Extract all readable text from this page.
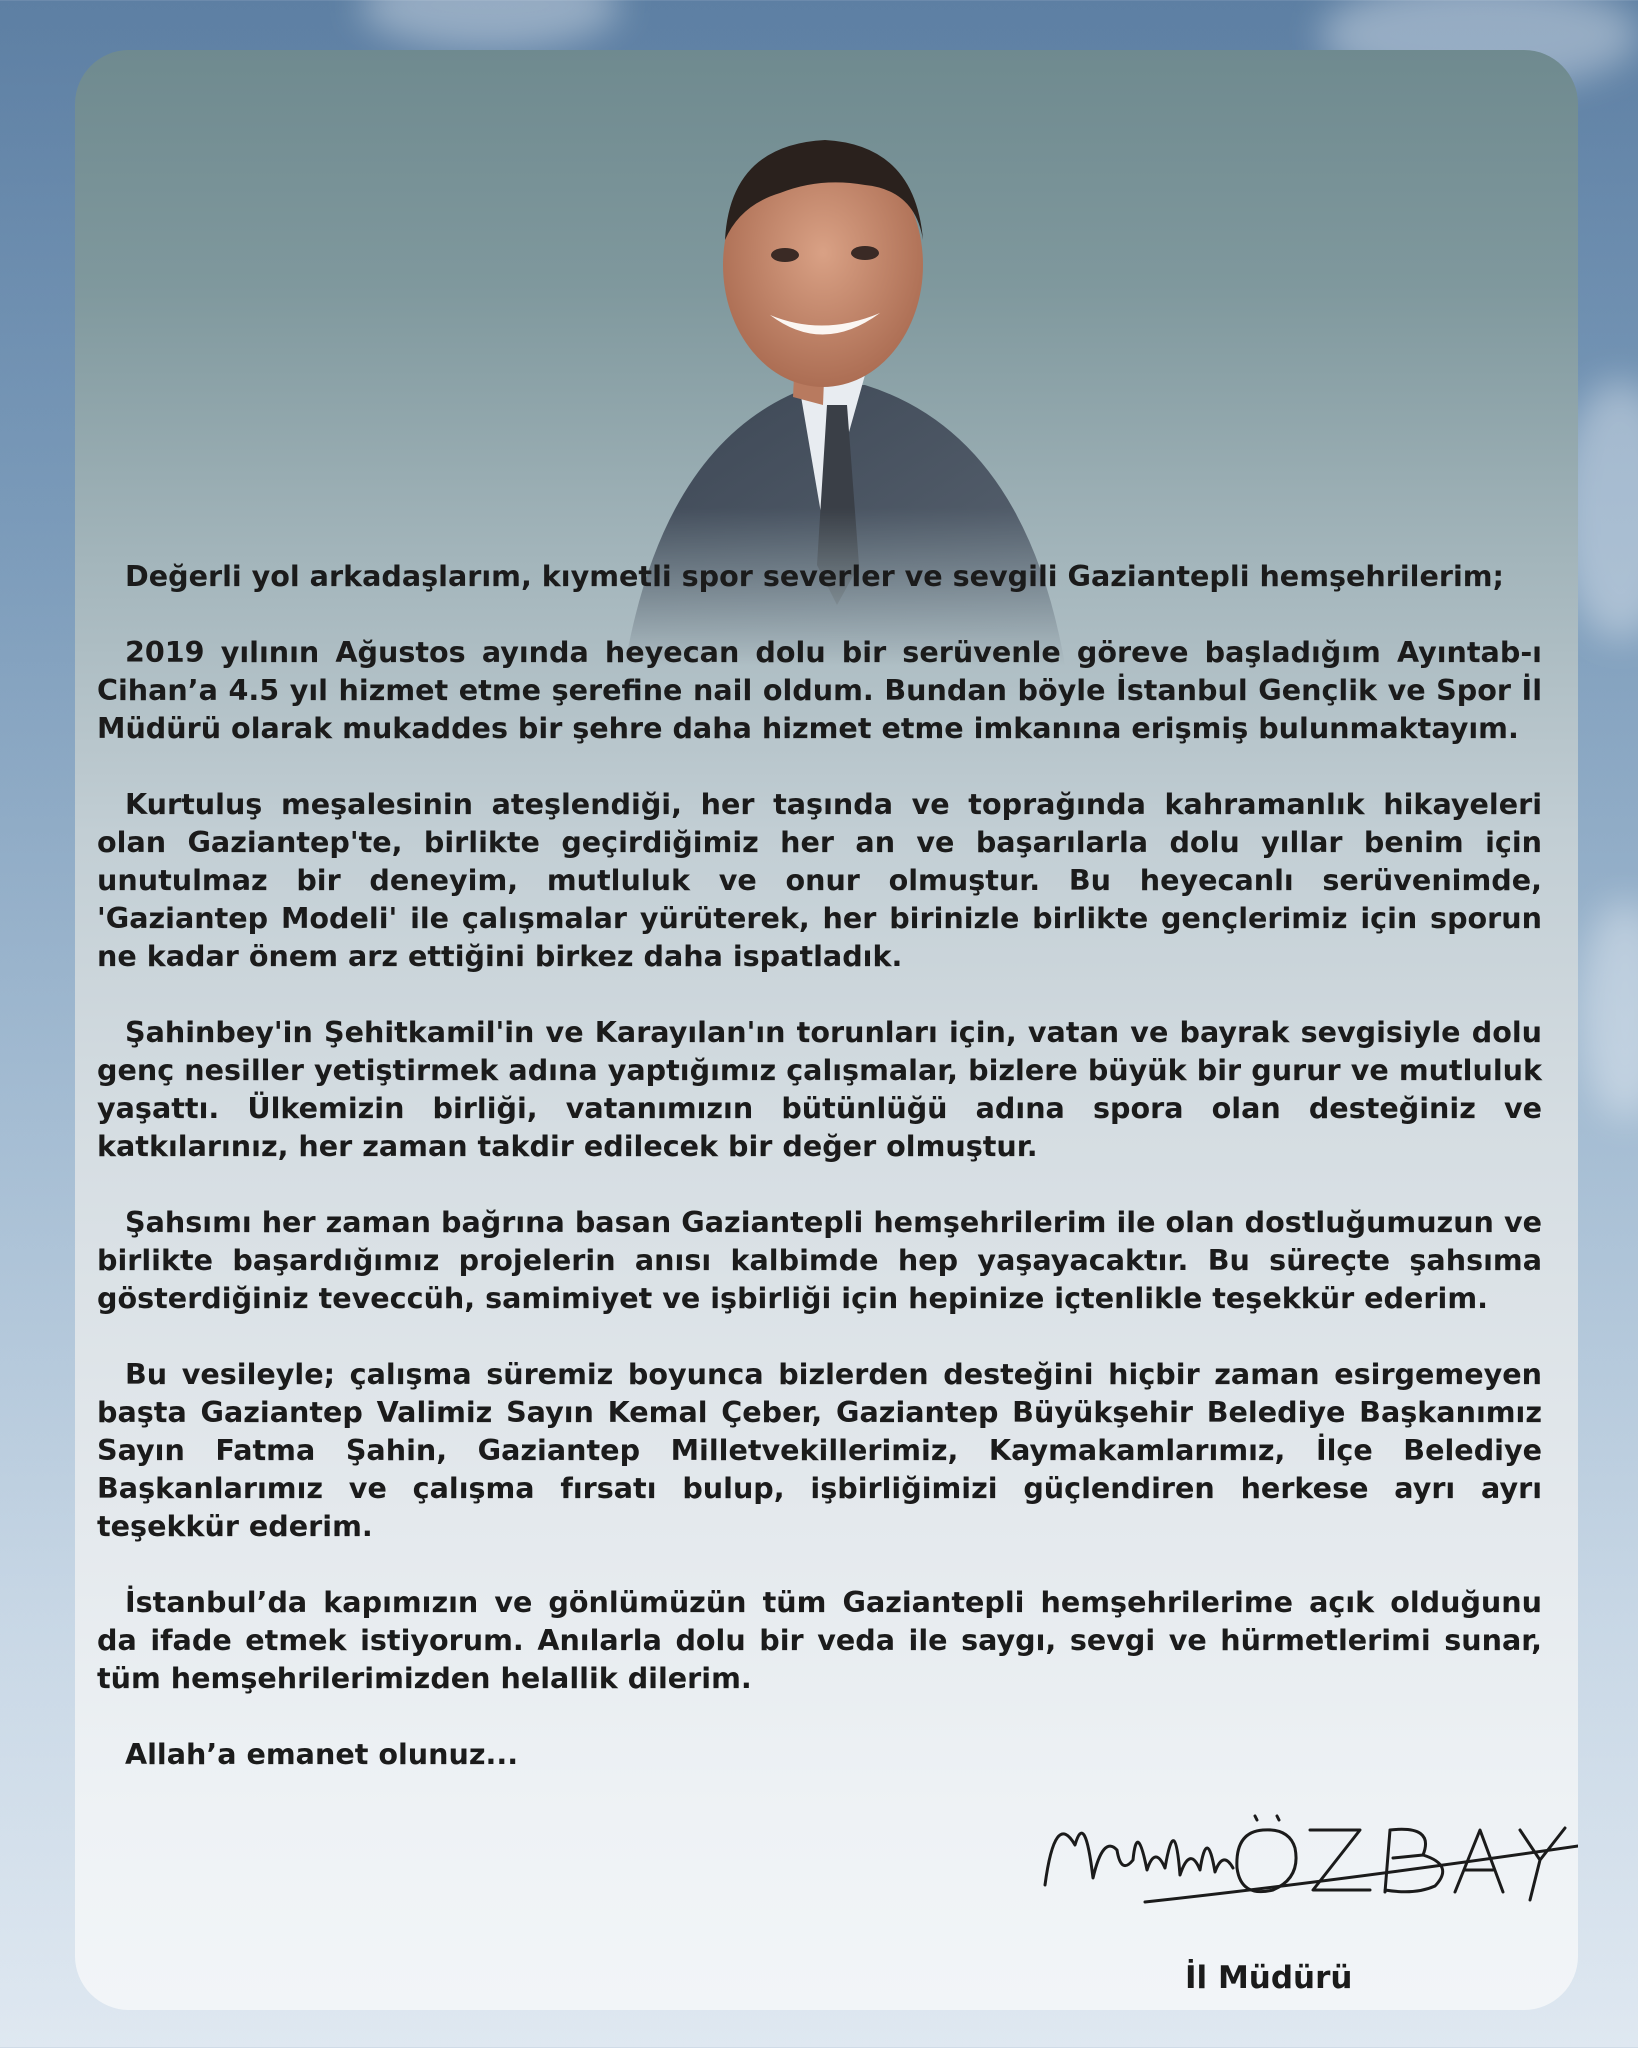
Değerli yol arkadaşlarım, kıymetli spor severler ve sevgili Gaziantepli hemşehrilerim;

2019 yılının Ağustos ayında heyecan dolu bir serüvenle göreve başladığım Ayıntab-ı Cihan’a 4.5 yıl hizmet etme şerefine nail oldum. Bundan böyle İstanbul Gençlik ve Spor İl Müdürü olarak mukaddes bir şehre daha hizmet etme imkanına erişmiş bulunmaktayım.

Kurtuluş meşalesinin ateşlendiği, her taşında ve toprağında kahramanlık hikayeleri olan Gaziantep'te, birlikte geçirdiğimiz her an ve başarılarla dolu yıllar benim için unutulmaz bir deneyim, mutluluk ve onur olmuştur. Bu heyecanlı serüvenimde, 'Gaziantep Modeli' ile çalışmalar yürüterek, her birinizle birlikte gençlerimiz için sporun ne kadar önem arz ettiğini birkez daha ispatladık.

Şahinbey'in Şehitkamil'in ve Karayılan'ın torunları için, vatan ve bayrak sevgisiyle dolu genç nesiller yetiştirmek adına yaptığımız çalışmalar, bizlere büyük bir gurur ve mutluluk yaşattı. Ülkemizin birliği, vatanımızın bütünlüğü adına spora olan desteğiniz ve katkılarınız, her zaman takdir edilecek bir değer olmuştur.

Şahsımı her zaman bağrına basan Gaziantepli hemşehrilerim ile olan dostluğumuzun ve birlikte başardığımız projelerin anısı kalbimde hep yaşayacaktır. Bu süreçte şahsıma gösterdiğiniz teveccüh, samimiyet ve işbirliği için hepinize içtenlikle teşekkür ederim.

Bu vesileyle; çalışma süremiz boyunca bizlerden desteğini hiçbir zaman esirgemeyen başta Gaziantep Valimiz Sayın Kemal Çeber, Gaziantep Büyükşehir Belediye Başkanımız Sayın Fatma Şahin, Gaziantep Milletvekillerimiz, Kaymakamlarımız, İlçe Belediye Başkanlarımız ve çalışma fırsatı bulup, işbirliğimizi güçlendiren herkese ayrı ayrı teşekkür ederim.

İstanbul’da kapımızın ve gönlümüzün tüm Gaziantepli hemşehrilerime açık olduğunu da ifade etmek istiyorum. Anılarla dolu bir veda ile saygı, sevgi ve hürmetlerimi sunar, tüm hemşehrilerimizden helallik dilerim.

Allah’a emanet olunuz...

İl Müdürü
